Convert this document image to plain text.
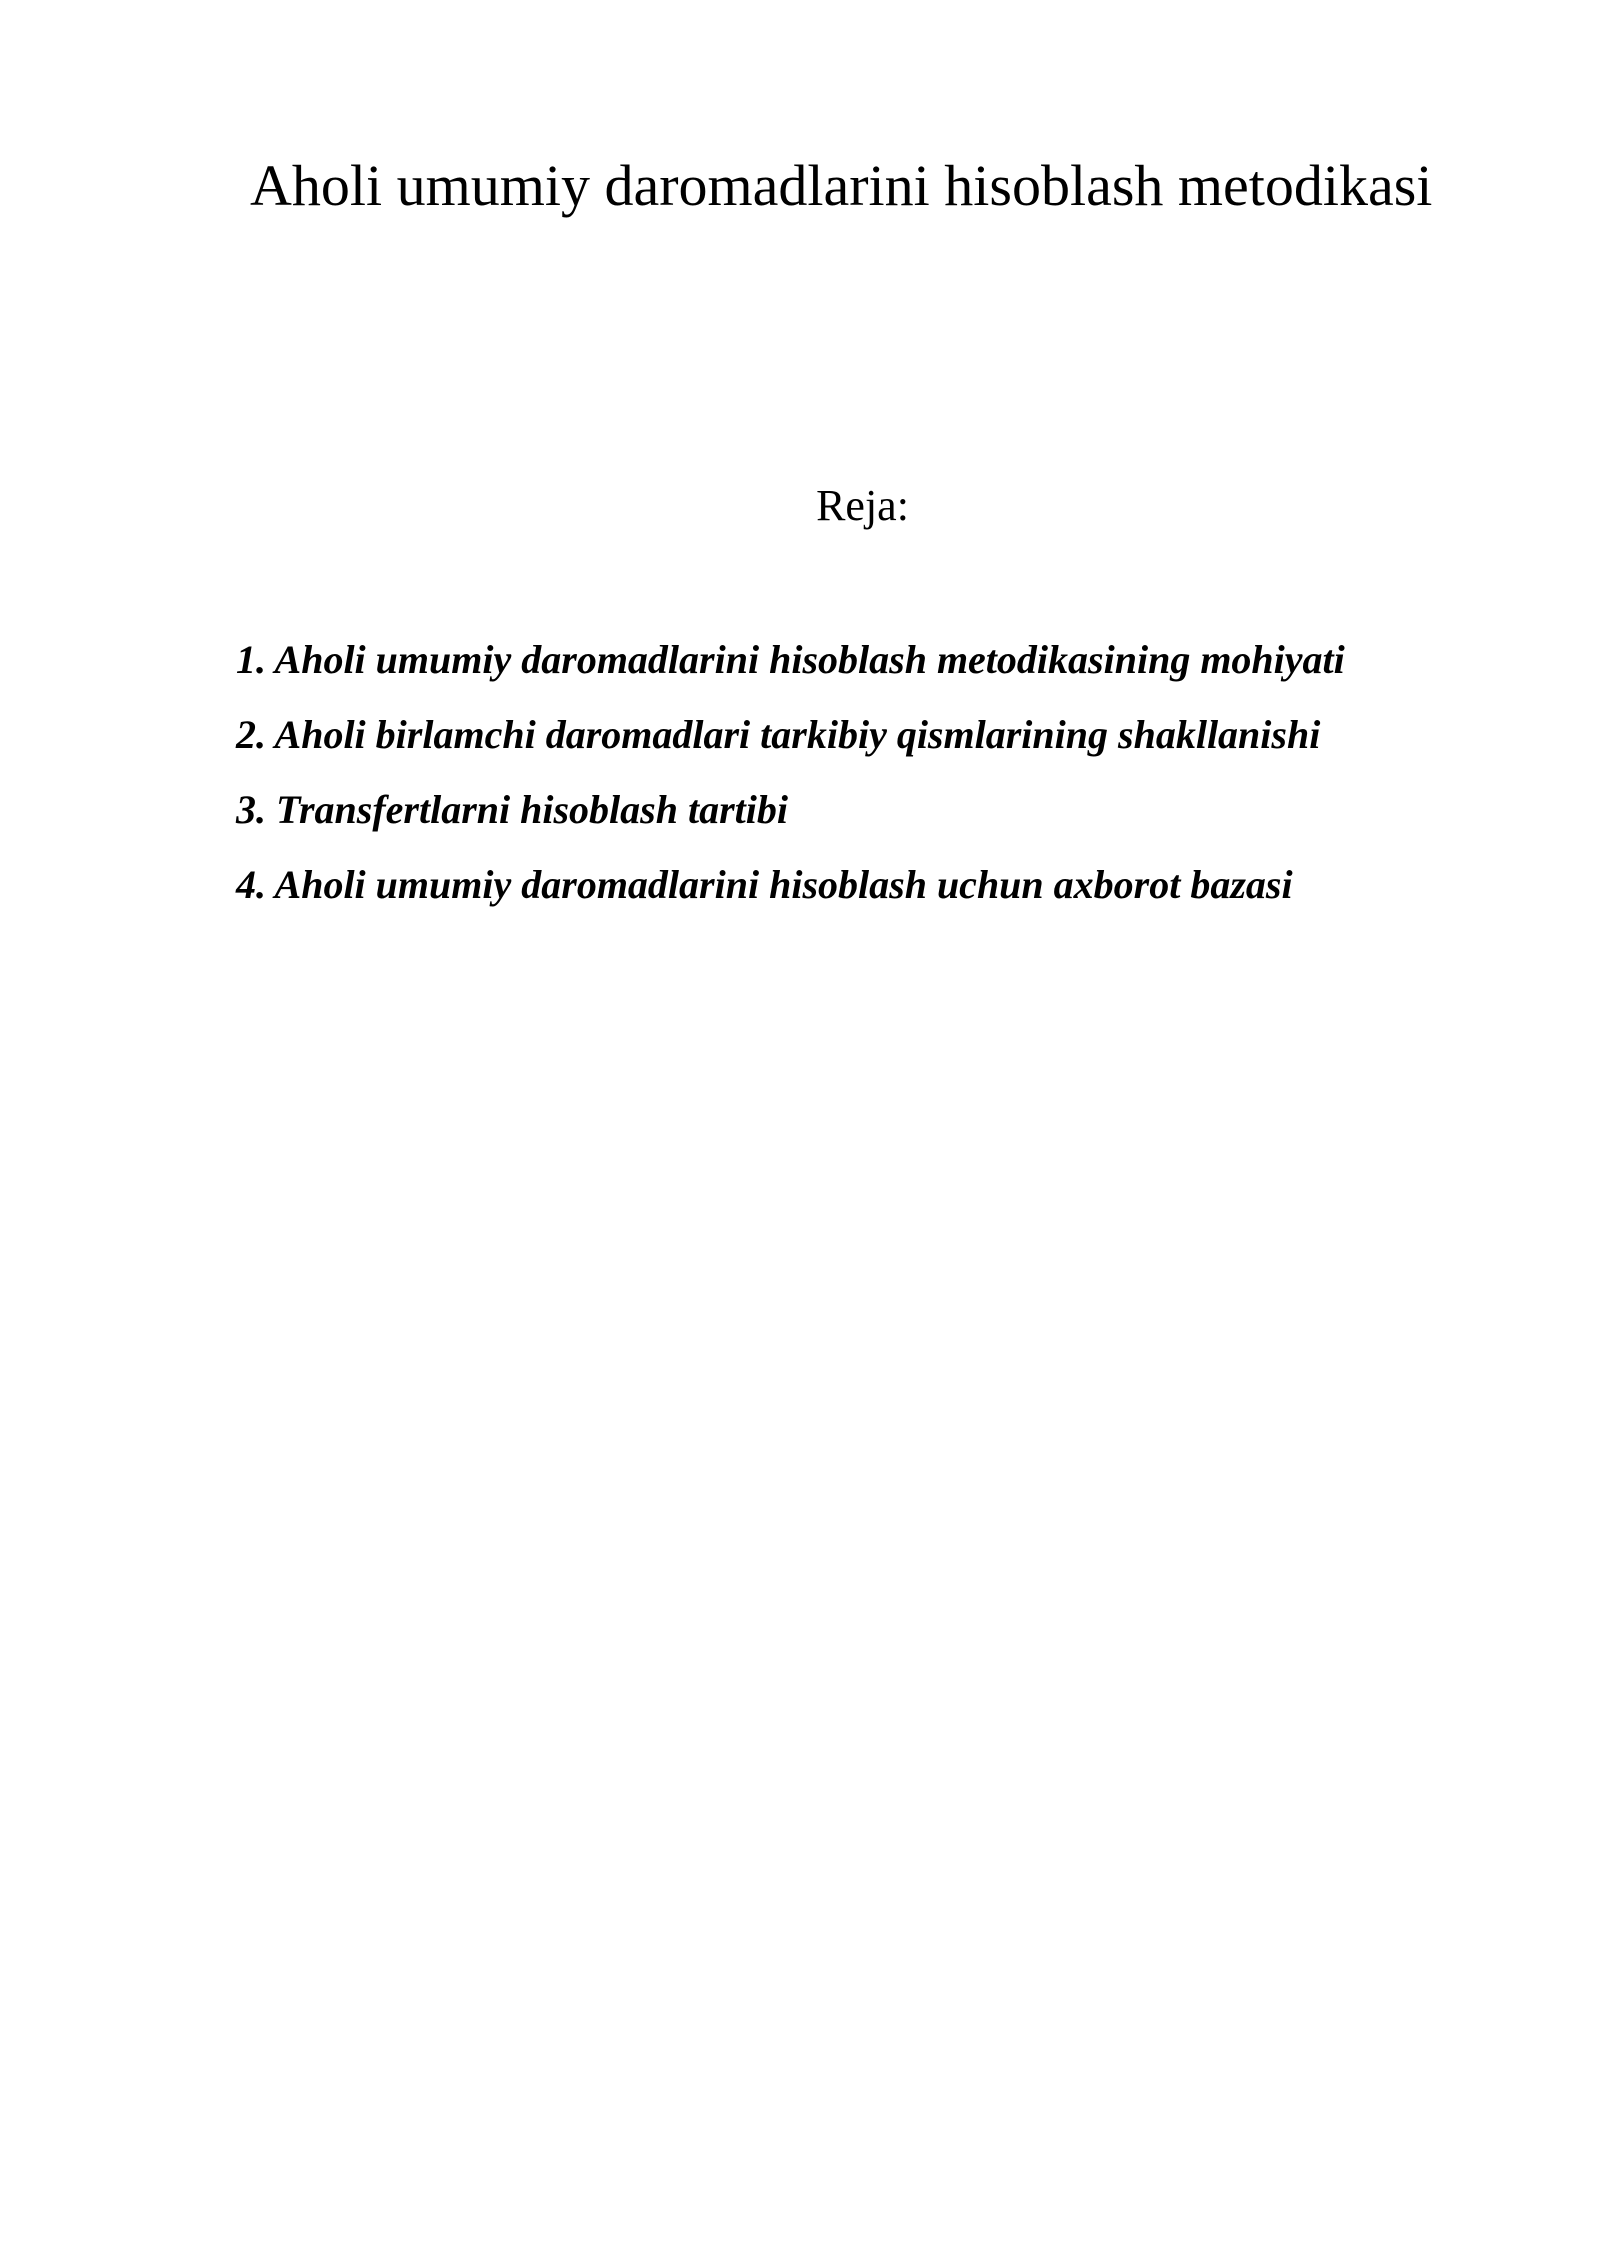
Aholi umumiy daromadlarini hisoblash metodikasi
Reja:
1. Aholi umumiy daromadlarini hisoblash metodikasining mohiyati
2. Aholi birlamchi daromadlari tarkibiy qismlarining shakllanishi
3. Transfertlarni hisoblash tartibi
4. Aholi umumiy daromadlarini hisoblash uchun axborot bazasi
